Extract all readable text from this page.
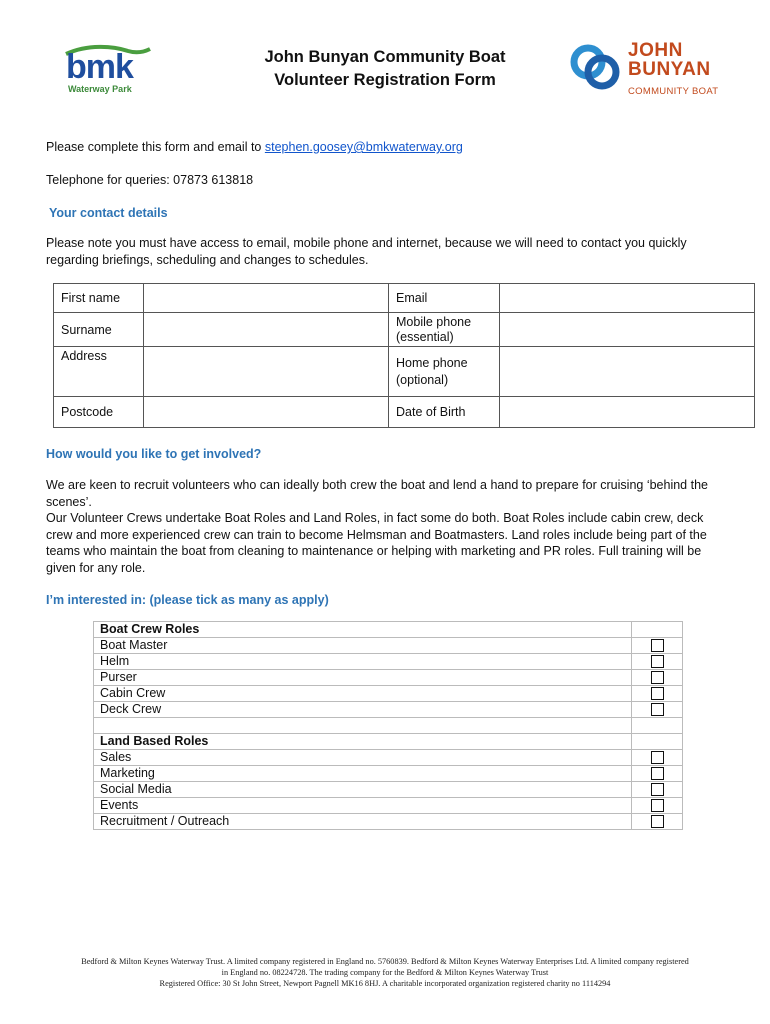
bmk
Waterway Park
John Bunyan Community Boat
Volunteer Registration Form
JOHN
BUNYAN
COMMUNITY BOAT

Please complete this form and email to stephen.goosey@bmkwaterway.org

Telephone for queries: 07873 613818

Your contact details

Please note you must have access to email, mobile phone and internet, because we will need to contact you quickly regarding briefings, scheduling and changes to schedules.

First name		Email	
Surname		Mobile phone
(essential)	

Address		Home phone
(optional)	

Postcode		Date of Birth	

How would you like to get involved?

We are keen to recruit volunteers who can ideally both crew the boat and lend a hand to prepare for cruising ‘behind the scenes’.

Our Volunteer Crews undertake Boat Roles and Land Roles, in fact some do both. Boat Roles include cabin crew, deck crew and more experienced crew can train to become Helmsman and Boatmasters. Land roles include being part of the teams who maintain the boat from cleaning to maintenance or helping with marketing and PR roles. Full training will be given for any role.

I’m interested in: (please tick as many as apply)

Boat Crew Roles	
Boat Master	
Helm	
Purser	
Cabin Crew	
Deck Crew	

Land Based Roles	
Sales	
Marketing	
Social Media	
Events	
Recruitment / Outreach	
Bedford & Milton Keynes Waterway Trust. A limited company registered in England no. 5760839. Bedford & Milton Keynes Waterway Enterprises Ltd. A limited company registered
in England no. 08224728. The trading company for the Bedford & Milton Keynes Waterway Trust
Registered Office: 30 St John Street, Newport Pagnell MK16 8HJ. A charitable incorporated organization registered charity no 1114294
